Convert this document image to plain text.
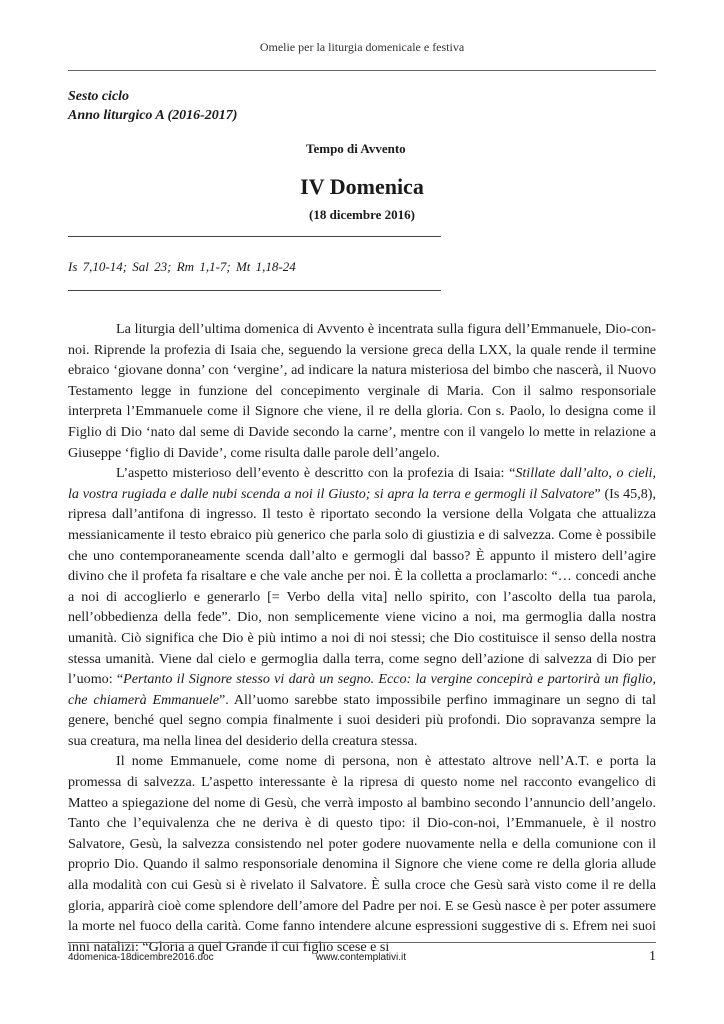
Omelie per la liturgia domenicale e festiva
Sesto ciclo
Anno liturgico A (2016-2017)
Tempo di Avvento
IV Domenica
(18 dicembre 2016)
Is 7,10-14; Sal 23; Rm 1,1-7; Mt 1,18-24

La liturgia dell’ultima domenica di Avvento è incentrata sulla figura dell’Emmanuele, Dio-con-noi. Riprende la profezia di Isaia che, seguendo la versione greca della LXX, la quale rende il termine ebraico ‘giovane donna’ con ‘vergine’, ad indicare la natura misteriosa del bimbo che nascerà, il Nuovo Testamento legge in funzione del concepimento verginale di Maria. Con il salmo responsoriale interpreta l’Emmanuele come il Signore che viene, il re della gloria. Con s. Paolo, lo designa come il Figlio di Dio ‘nato dal seme di Davide secondo la carne’, mentre con il vangelo lo mette in relazione a Giuseppe ‘figlio di Davide’, come risulta dalle parole dell’angelo.

L’aspetto misterioso dell’evento è descritto con la profezia di Isaia: “Stillate dall’alto, o cieli, la vostra rugiada e dalle nubi scenda a noi il Giusto; si apra la terra e germogli il Salvatore” (Is 45,8), ripresa dall’antifona di ingresso. Il testo è riportato secondo la versione della Volgata che attualizza messianicamente il testo ebraico più generico che parla solo di giustizia e di salvezza. Come è possibile che uno contemporaneamente scenda dall’alto e germogli dal basso? È appunto il mistero dell’agire divino che il profeta fa risaltare e che vale anche per noi. È la colletta a proclamarlo: “… concedi anche a noi di accoglierlo e generarlo [= Verbo della vita] nello spirito, con l’ascolto della tua parola, nell’obbedienza della fede”. Dio, non semplicemente viene vicino a noi, ma germoglia dalla nostra umanità. Ciò significa che Dio è più intimo a noi di noi stessi; che Dio costituisce il senso della nostra stessa umanità. Viene dal cielo e germoglia dalla terra, come segno dell’azione di salvezza di Dio per l’uomo: “Pertanto il Signore stesso vi darà un segno. Ecco: la vergine concepirà e partorirà un figlio, che chiamerà Emmanuele”. All’uomo sarebbe stato impossibile perfino immaginare un segno di tal genere, benché quel segno compia finalmente i suoi desideri più profondi. Dio sopravanza sempre la sua creatura, ma nella linea del desiderio della creatura stessa.

Il nome Emmanuele, come nome di persona, non è attestato altrove nell’A.T. e porta la promessa di salvezza. L’aspetto interessante è la ripresa di questo nome nel racconto evangelico di Matteo a spiegazione del nome di Gesù, che verrà imposto al bambino secondo l’annuncio dell’angelo. Tanto che l’equivalenza che ne deriva è di questo tipo: il Dio-con-noi, l’Emmanuele, è il nostro Salvatore, Gesù, la salvezza consistendo nel poter godere nuovamente nella e della comunione con il proprio Dio. Quando il salmo responsoriale denomina il Signore che viene come re della gloria allude alla modalità con cui Gesù si è rivelato il Salvatore. È sulla croce che Gesù sarà visto come il re della gloria, apparirà cioè come splendore dell’amore del Padre per noi. E se Gesù nasce è per poter assumere la morte nel fuoco della carità. Come fanno intendere alcune espressioni suggestive di s. Efrem nei suoi inni natalizi: “Gloria a quel Grande il cui figlio scese e si

4domenica-18dicembre2016.doc	www.contemplativi.it	1
